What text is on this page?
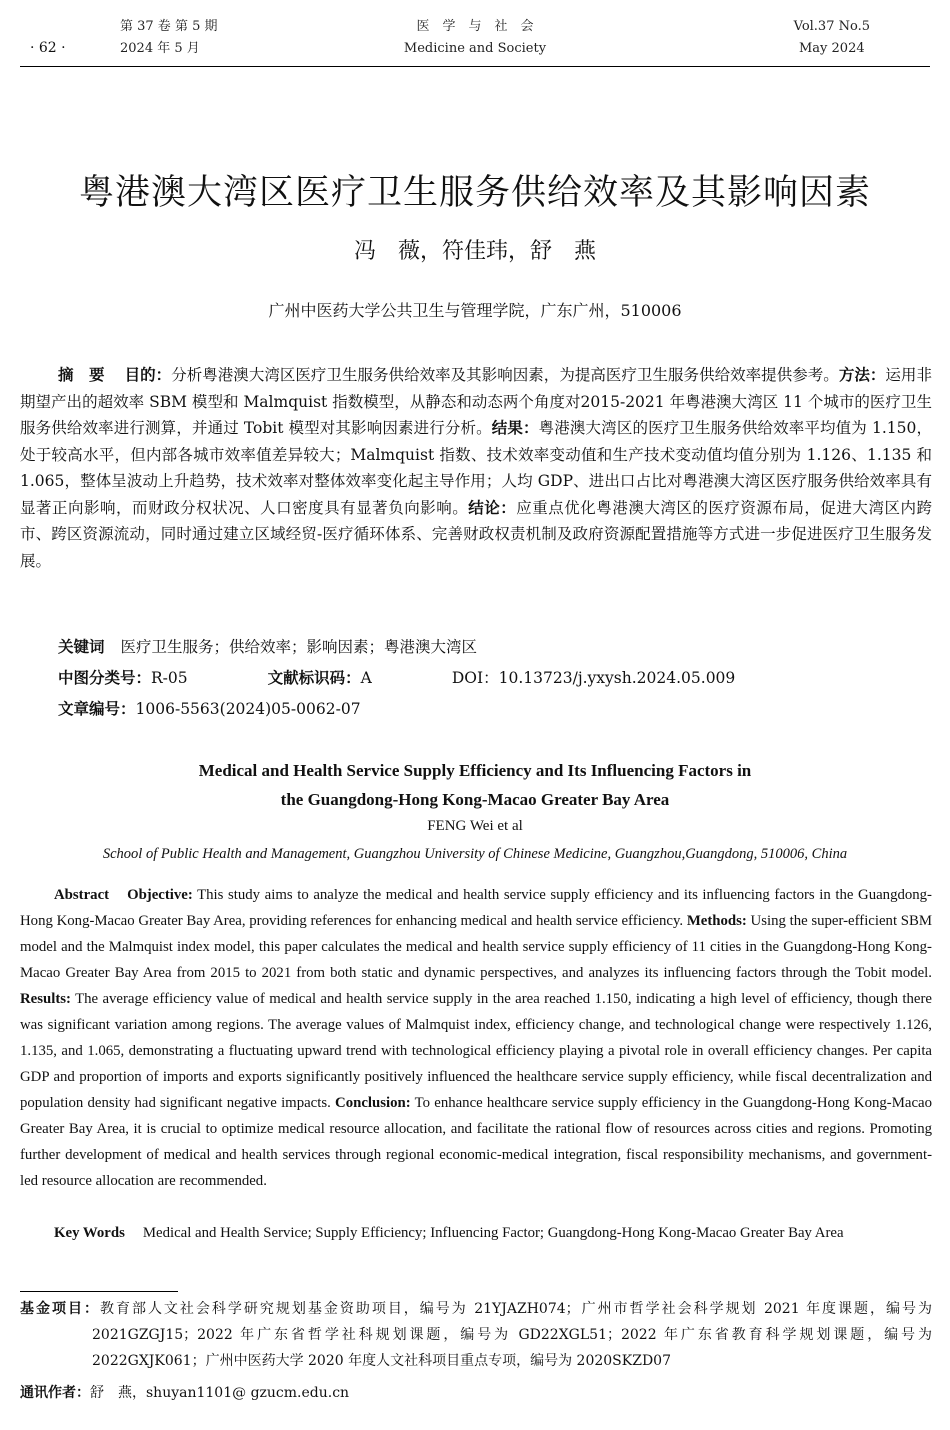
第 37 卷 第 5 期
2024 年 5 月
· 62 ·
医　学　与　社　会
Medicine and Society
Vol.37 No.5
May 2024
粤港澳大湾区医疗卫生服务供给效率及其影响因素
冯　薇，符佳玮，舒　燕
广州中医药大学公共卫生与管理学院，广东广州，510006
摘　要 目的：分析粤港澳大湾区医疗卫生服务供给效率及其影响因素，为提高医疗卫生服务供给效率提供参考。方法：运用非期望产出的超效率 SBM 模型和 Malmquist 指数模型，从静态和动态两个角度对2015-2021 年粤港澳大湾区 11 个城市的医疗卫生服务供给效率进行测算，并通过 Tobit 模型对其影响因素进行分析。结果：粤港澳大湾区的医疗卫生服务供给效率平均值为 1.150，处于较高水平，但内部各城市效率值差异较大；Malmquist 指数、技术效率变动值和生产技术变动值均值分别为 1.126、1.135 和 1.065，整体呈波动上升趋势，技术效率对整体效率变化起主导作用；人均 GDP、进出口占比对粤港澳大湾区医疗服务供给效率具有显著正向影响，而财政分权状况、人口密度具有显著负向影响。结论：应重点优化粤港澳大湾区的医疗资源布局，促进大湾区内跨市、跨区资源流动，同时通过建立区域经贸-医疗循环体系、完善财政权责机制及政府资源配置措施等方式进一步促进医疗卫生服务发展。
关键词 医疗卫生服务；供给效率；影响因素；粤港澳大湾区
中图分类号：R-05	文献标识码：A	DOI：10.13723/j.yxysh.2024.05.009
文章编号：1006-5563(2024)05-0062-07
Medical and Health Service Supply Efficiency and Its Influencing Factors in
the Guangdong-Hong Kong-Macao Greater Bay Area
FENG Wei et al
School of Public Health and Management, Guangzhou University of Chinese Medicine, Guangzhou,Guangdong, 510006, China
Abstract Objective: This study aims to analyze the medical and health service supply efficiency and its influencing factors in the Guangdong-Hong Kong-Macao Greater Bay Area, providing references for enhancing medical and health service efficiency. Methods: Using the super-efficient SBM model and the Malmquist index model, this paper calculates the medical and health service supply efficiency of 11 cities in the Guangdong-Hong Kong-Macao Greater Bay Area from 2015 to 2021 from both static and dynamic perspectives, and analyzes its influencing factors through the Tobit model. Results: The average efficiency value of medical and health service supply in the area reached 1.150, indicating a high level of efficiency, though there was significant variation among regions. The average values of Malmquist index, efficiency change, and technological change were respectively 1.126, 1.135, and 1.065, demonstrating a fluctuating upward trend with technological efficiency playing a pivotal role in overall efficiency changes. Per capita GDP and proportion of imports and exports significantly positively influenced the healthcare service supply efficiency, while fiscal decentralization and population density had significant negative impacts. Conclusion: To enhance healthcare service supply efficiency in the Guangdong-Hong Kong-Macao Greater Bay Area, it is crucial to optimize medical resource allocation, and facilitate the rational flow of resources across cities and regions. Promoting further development of medical and health services through regional economic-medical integration, fiscal responsibility mechanisms, and government-led resource allocation are recommended.
Key Words Medical and Health Service; Supply Efficiency; Influencing Factor; Guangdong-Hong Kong-Macao Greater Bay Area
基金项目：教育部人文社会科学研究规划基金资助项目，编号为 21YJAZH074；广州市哲学社会科学规划 2021 年度课题，编号为 2021GZGJ15；2022 年广东省哲学社科规划课题，编号为 GD22XGL51；2022 年广东省教育科学规划课题，编号为 2022GXJK061；广州中医药大学 2020 年度人文社科项目重点专项，编号为 2020SKZD07
通讯作者：舒　燕，shuyan1101@ gzucm.edu.cn
